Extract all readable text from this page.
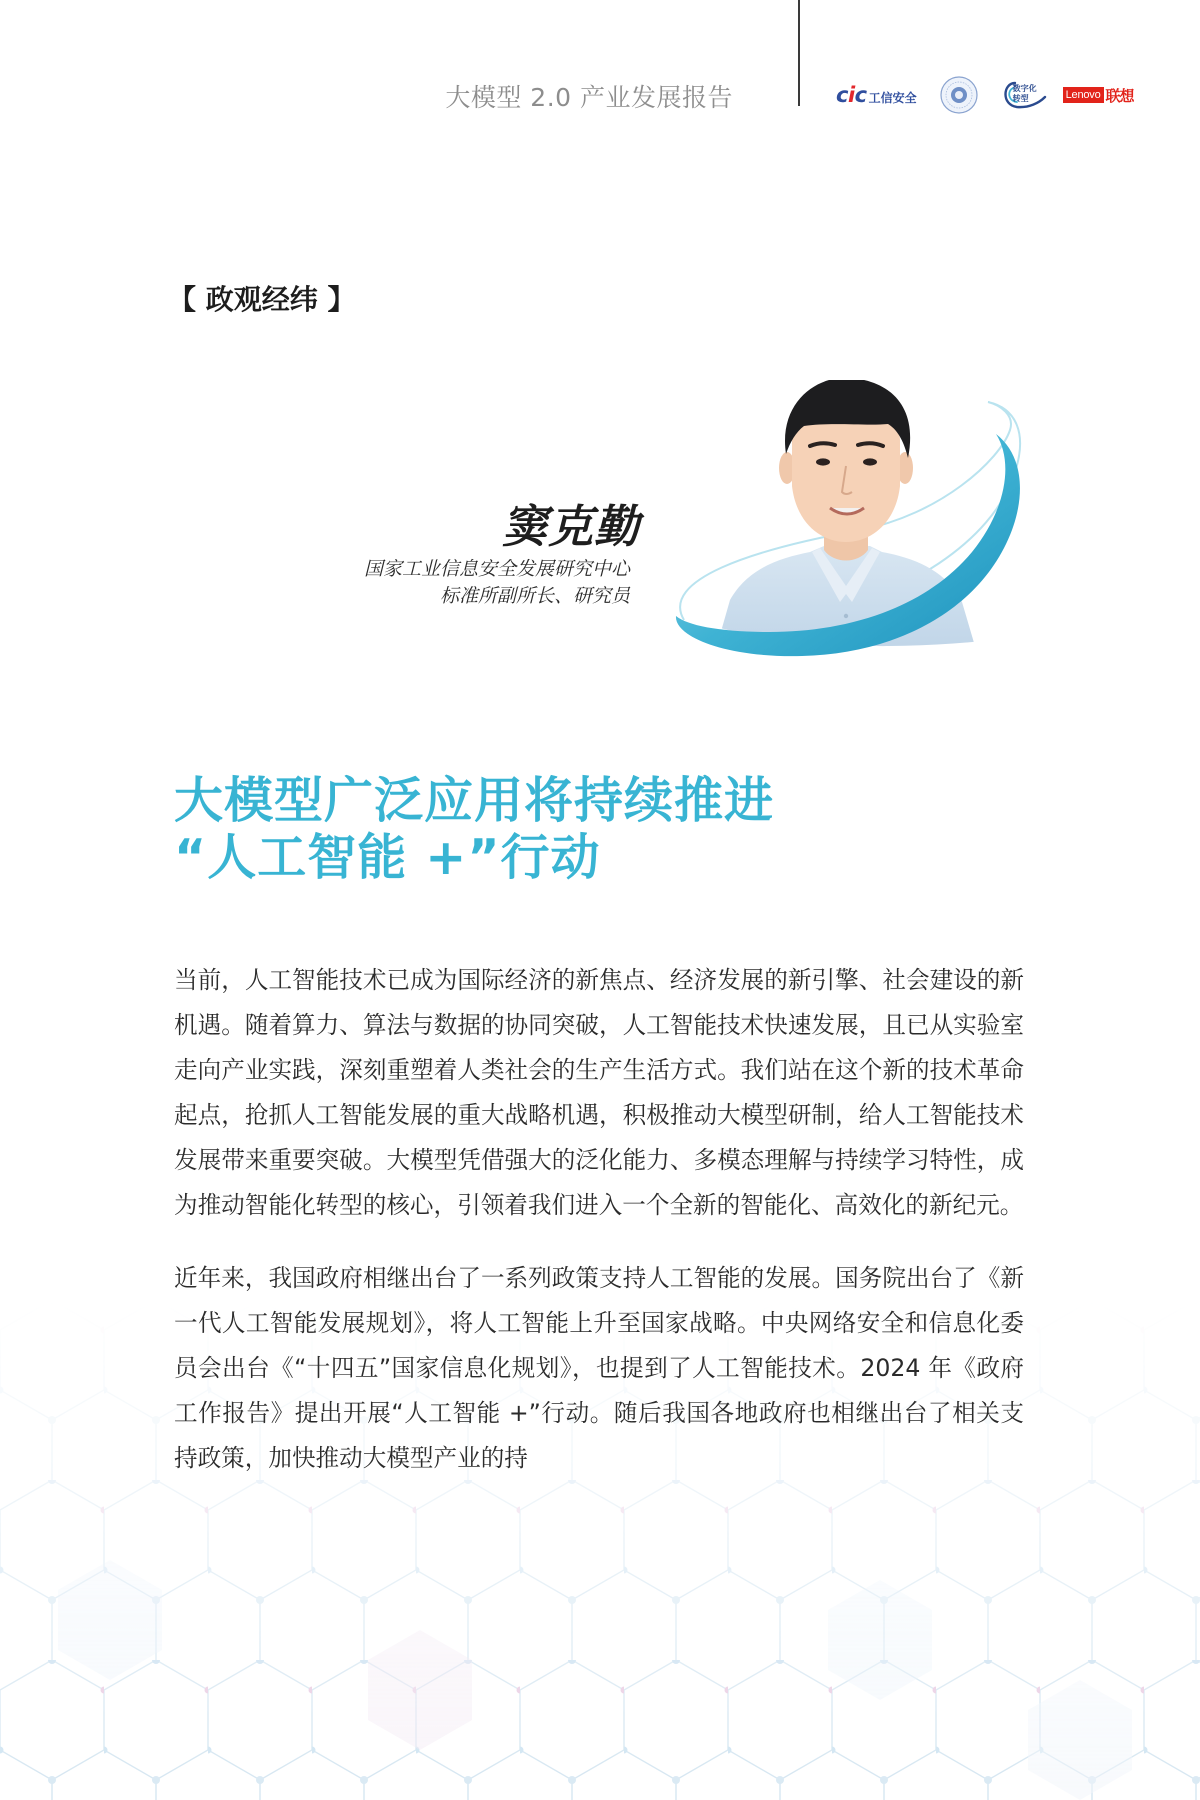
大模型 2.0 产业发展报告	cic 工信安全
数字化
转型	Lenovo 联想
【 政观经纬 】
窦克勤
国家工业信息安全发展研究中心
标准所副所长、研究员
大模型广泛应用将持续推进
“人工智能 +”行动

当前，人工智能技术已成为国际经济的新焦点、经济发展的新引擎、社会建设的新机遇。随着算力、算法与数据的协同突破，人工智能技术快速发展，且已从实验室走向产业实践，深刻重塑着人类社会的生产生活方式。我们站在这个新的技术革命起点，抢抓人工智能发展的重大战略机遇，积极推动大模型研制，给人工智能技术发展带来重要突破。大模型凭借强大的泛化能力、多模态理解与持续学习特性，成为推动智能化转型的核心，引领着我们进入一个全新的智能化、高效化的新纪元。

近年来，我国政府相继出台了一系列政策支持人工智能的发展。国务院出台了《新一代人工智能发展规划》，将人工智能上升至国家战略。中央网络安全和信息化委员会出台《“十四五”国家信息化规划》，也提到了人工智能技术。2024 年《政府工作报告》提出开展“人工智能 +”行动。随后我国各地政府也相继出台了相关支持政策，加快推动大模型产业的持
